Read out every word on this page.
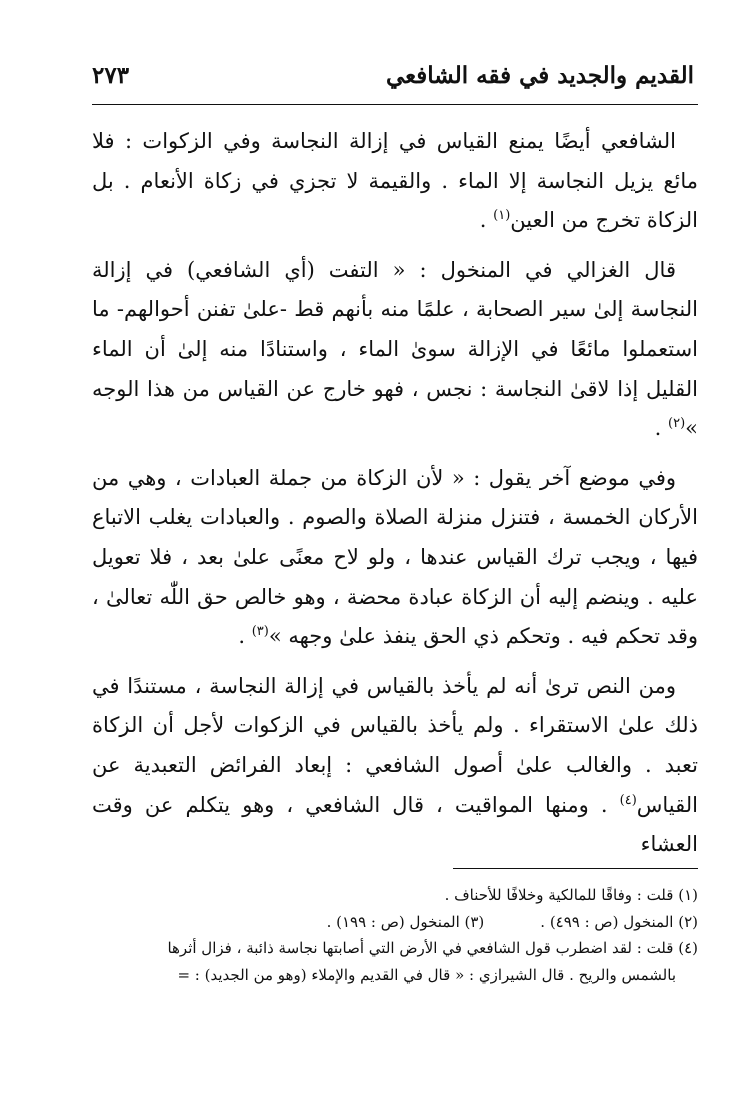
القديم والجديد في فقه الشافعي
٢٧٣

الشافعي أيضًا يمنع القياس في إزالة النجاسة وفي الزكوات : فلا مائع يزيل النجاسة إلا الماء . والقيمة لا تجزي في زكاة الأنعام . بل الزكاة تخرج من العين$^{(١)}$ .

قال الغزالي في المنخول : « التفت (أي الشافعي) في إزالة النجاسة إلىٰ سير الصحابة ، علمًا منه بأنهم قط -علىٰ تفنن أحوالهم- ما استعملوا مائعًا في الإزالة سوىٰ الماء ، واستنادًا منه إلىٰ أن الماء القليل إذا لاقىٰ النجاسة : نجس ، فهو خارج عن القياس من هذا الوجه »$^{(٢)}$ .

وفي موضع آخر يقول : « لأن الزكاة من جملة العبادات ، وهي من الأركان الخمسة ، فتنزل منزلة الصلاة والصوم . والعبادات يغلب الاتباع فيها ، ويجب ترك القياس عندها ، ولو لاح معنًى علىٰ بعد ، فلا تعويل عليه . وينضم إليه أن الزكاة عبادة محضة ، وهو خالص حق اللّٰه تعالىٰ ، وقد تحكم فيه . وتحكم ذي الحق ينفذ علىٰ وجهه »$^{(٣)}$ .

ومن النص ترىٰ أنه لم يأخذ بالقياس في إزالة النجاسة ، مستندًا في ذلك علىٰ الاستقراء . ولم يأخذ بالقياس في الزكوات لأجل أن الزكاة تعبد . والغالب علىٰ أصول الشافعي : إبعاد الفرائض التعبدية عن القياس$^{(٤)}$ . ومنها المواقيت ، قال الشافعي ، وهو يتكلم عن وقت العشاء

(١) قلت : وفاقًا للمالكية وخلافًا للأحناف .

(٢) المنخول (ص : ٤٩٩) .(٣) المنخول (ص : ١٩٩) .

(٤) قلت : لقد اضطرب قول الشافعي في الأرض التي أصابتها نجاسة ذائبة ، فزال أثرها

بالشمس والريح . قال الشيرازي : « قال في القديم والإملاء (وهو من الجديد) : =
